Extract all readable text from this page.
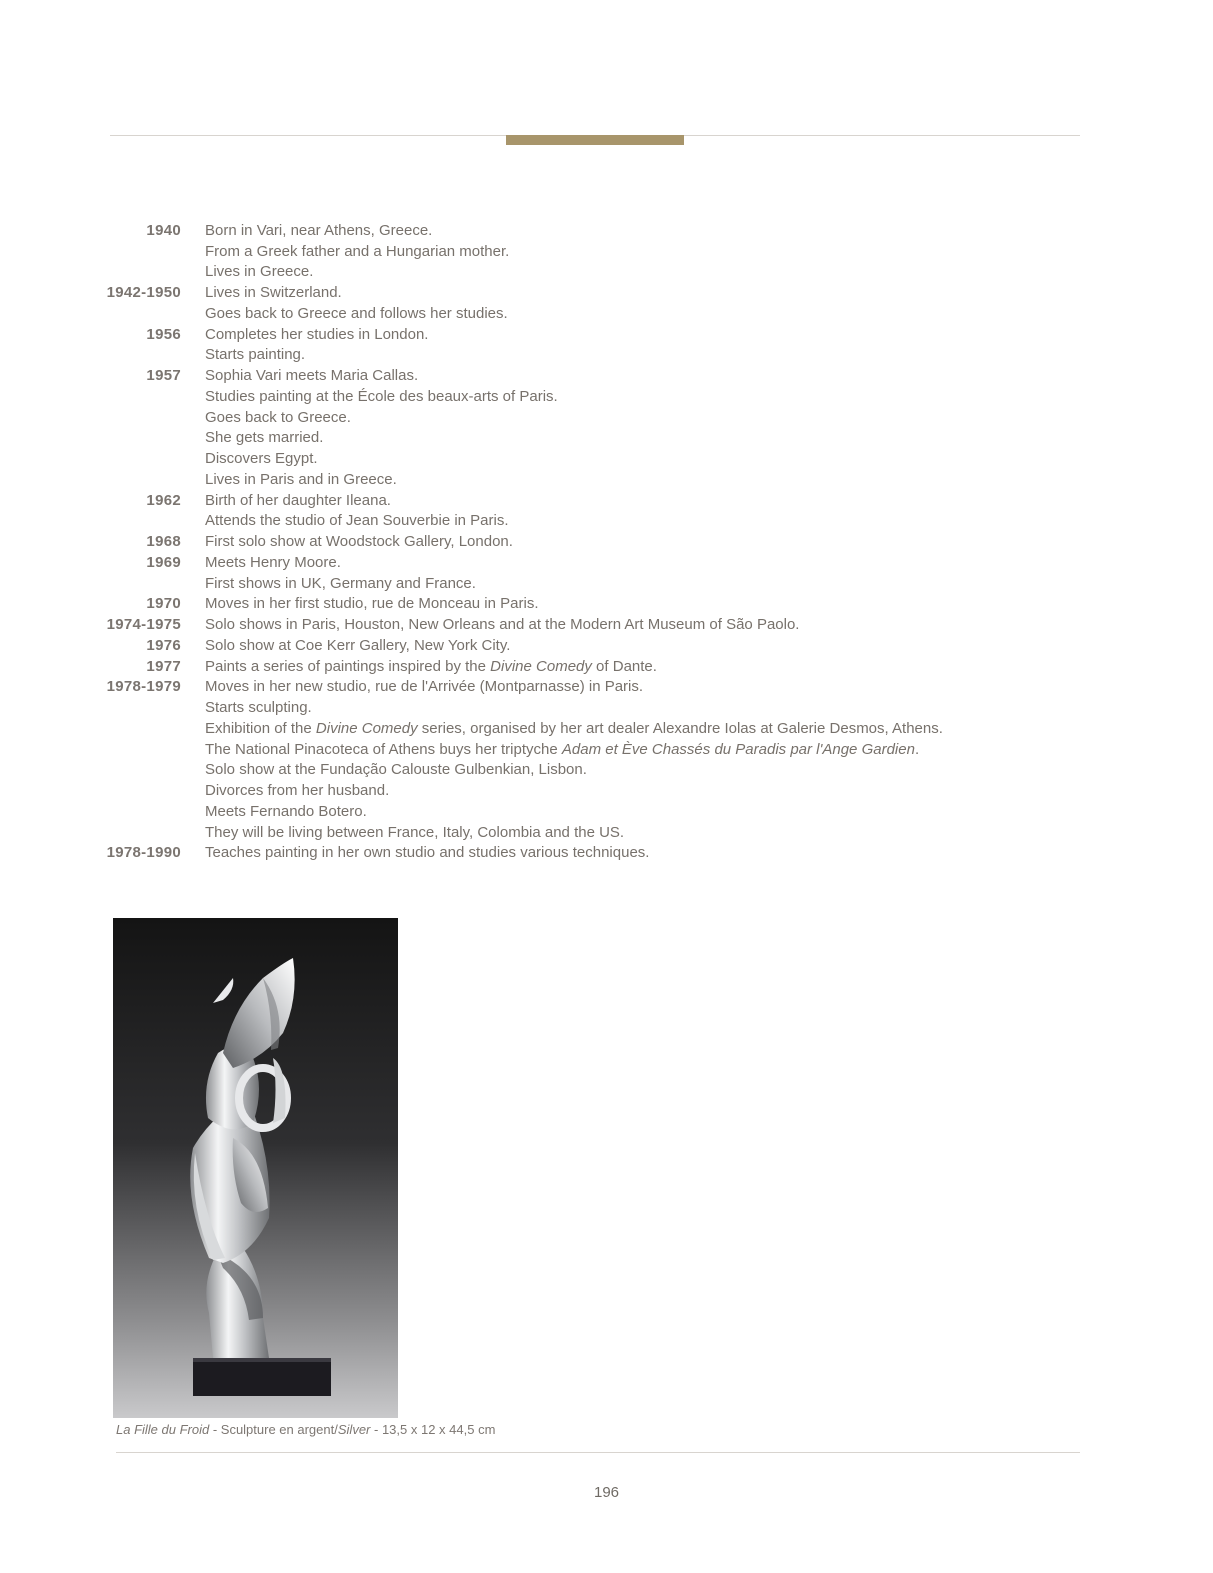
1940	Born in Vari, near Athens, Greece.
From a Greek father and a Hungarian mother.
Lives in Greece.
1942-1950	Lives in Switzerland.
Goes back to Greece and follows her studies.
1956	Completes her studies in London.
Starts painting.
1957	Sophia Vari meets Maria Callas.
Studies painting at the École des beaux-arts of Paris.
Goes back to Greece.
She gets married.
Discovers Egypt.
Lives in Paris and in Greece.
1962	Birth of her daughter Ileana.
Attends the studio of Jean Souverbie in Paris.
1968	First solo show at Woodstock Gallery, London.
1969	Meets Henry Moore.
First shows in UK, Germany and France.
1970	Moves in her first studio, rue de Monceau in Paris.
1974-1975	Solo shows in Paris, Houston, New Orleans and at the Modern Art Museum of São Paolo.
1976	Solo show at Coe Kerr Gallery, New York City.
1977	Paints a series of paintings inspired by the Divine Comedy of Dante.
1978-1979	Moves in her new studio, rue de l'Arrivée (Montparnasse) in Paris.
Starts sculpting.
Exhibition of the Divine Comedy series, organised by her art dealer Alexandre Iolas at Galerie Desmos, Athens.
The National Pinacoteca of Athens buys her triptyche Adam et Ève Chassés du Paradis par l'Ange Gardien.
Solo show at the Fundação Calouste Gulbenkian, Lisbon.
Divorces from her husband.
Meets Fernando Botero.
They will be living between France, Italy, Colombia and the US.
1978-1990	Teaches painting in her own studio and studies various techniques.
La Fille du Froid - Sculpture en argent/Silver - 13,5 x 12 x 44,5 cm
196
